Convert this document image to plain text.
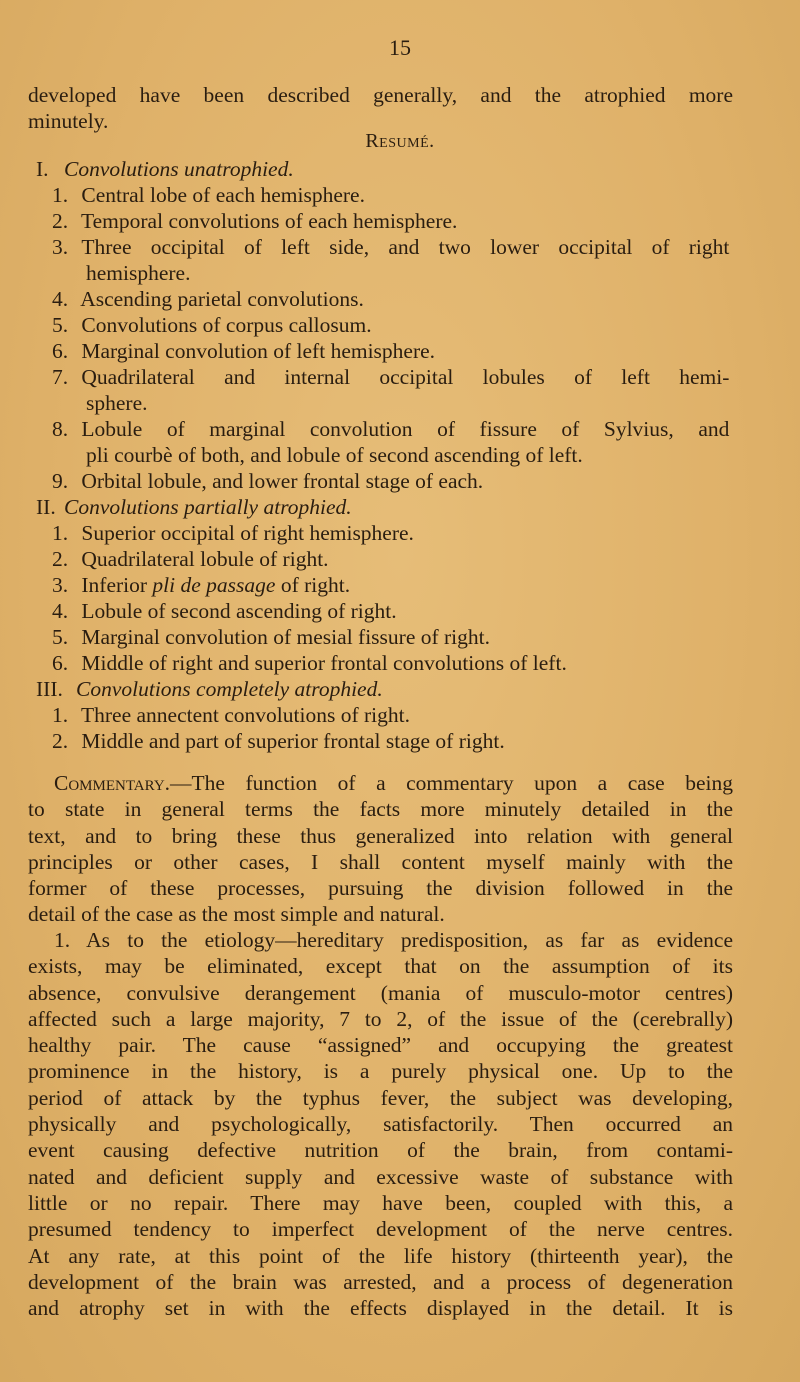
15
developed have been described generally, and the atrophied more
minutely.
Resumé.
I. Convolutions unatrophied.
1. Central lobe of each hemisphere.
2. Temporal convolutions of each hemisphere.
3. Three occipital of left side, and two lower occipital of right
hemisphere.
4. Ascending parietal convolutions.
5. Convolutions of corpus callosum.
6. Marginal convolution of left hemisphere.
7. Quadrilateral and internal occipital lobules of left hemi-
sphere.
8. Lobule of marginal convolution of fissure of Sylvius, and
pli courbè of both, and lobule of second ascending of left.
9. Orbital lobule, and lower frontal stage of each.
II. Convolutions partially atrophied.
1. Superior occipital of right hemisphere.
2. Quadrilateral lobule of right.
3. Inferior pli de passage of right.
4. Lobule of second ascending of right.
5. Marginal convolution of mesial fissure of right.
6. Middle of right and superior frontal convolutions of left.
III. Convolutions completely atrophied.
1. Three annectent convolutions of right.
2. Middle and part of superior frontal stage of right.
Commentary.—The function of a commentary upon a case being
to state in general terms the facts more minutely detailed in the
text, and to bring these thus generalized into relation with general
principles or other cases, I shall content myself mainly with the
former of these processes, pursuing the division followed in the
detail of the case as the most simple and natural.
1. As to the etiology—hereditary predisposition, as far as evidence
exists, may be eliminated, except that on the assumption of its
absence, convulsive derangement (mania of musculo-motor centres)
affected such a large majority, 7 to 2, of the issue of the (cerebrally)
healthy pair. The cause “assigned” and occupying the greatest
prominence in the history, is a purely physical one. Up to the
period of attack by the typhus fever, the subject was developing,
physically and psychologically, satisfactorily. Then occurred an
event causing defective nutrition of the brain, from contami-
nated and deficient supply and excessive waste of substance with
little or no repair. There may have been, coupled with this, a
presumed tendency to imperfect development of the nerve centres.
At any rate, at this point of the life history (thirteenth year), the
development of the brain was arrested, and a process of degeneration
and atrophy set in with the effects displayed in the detail. It is
